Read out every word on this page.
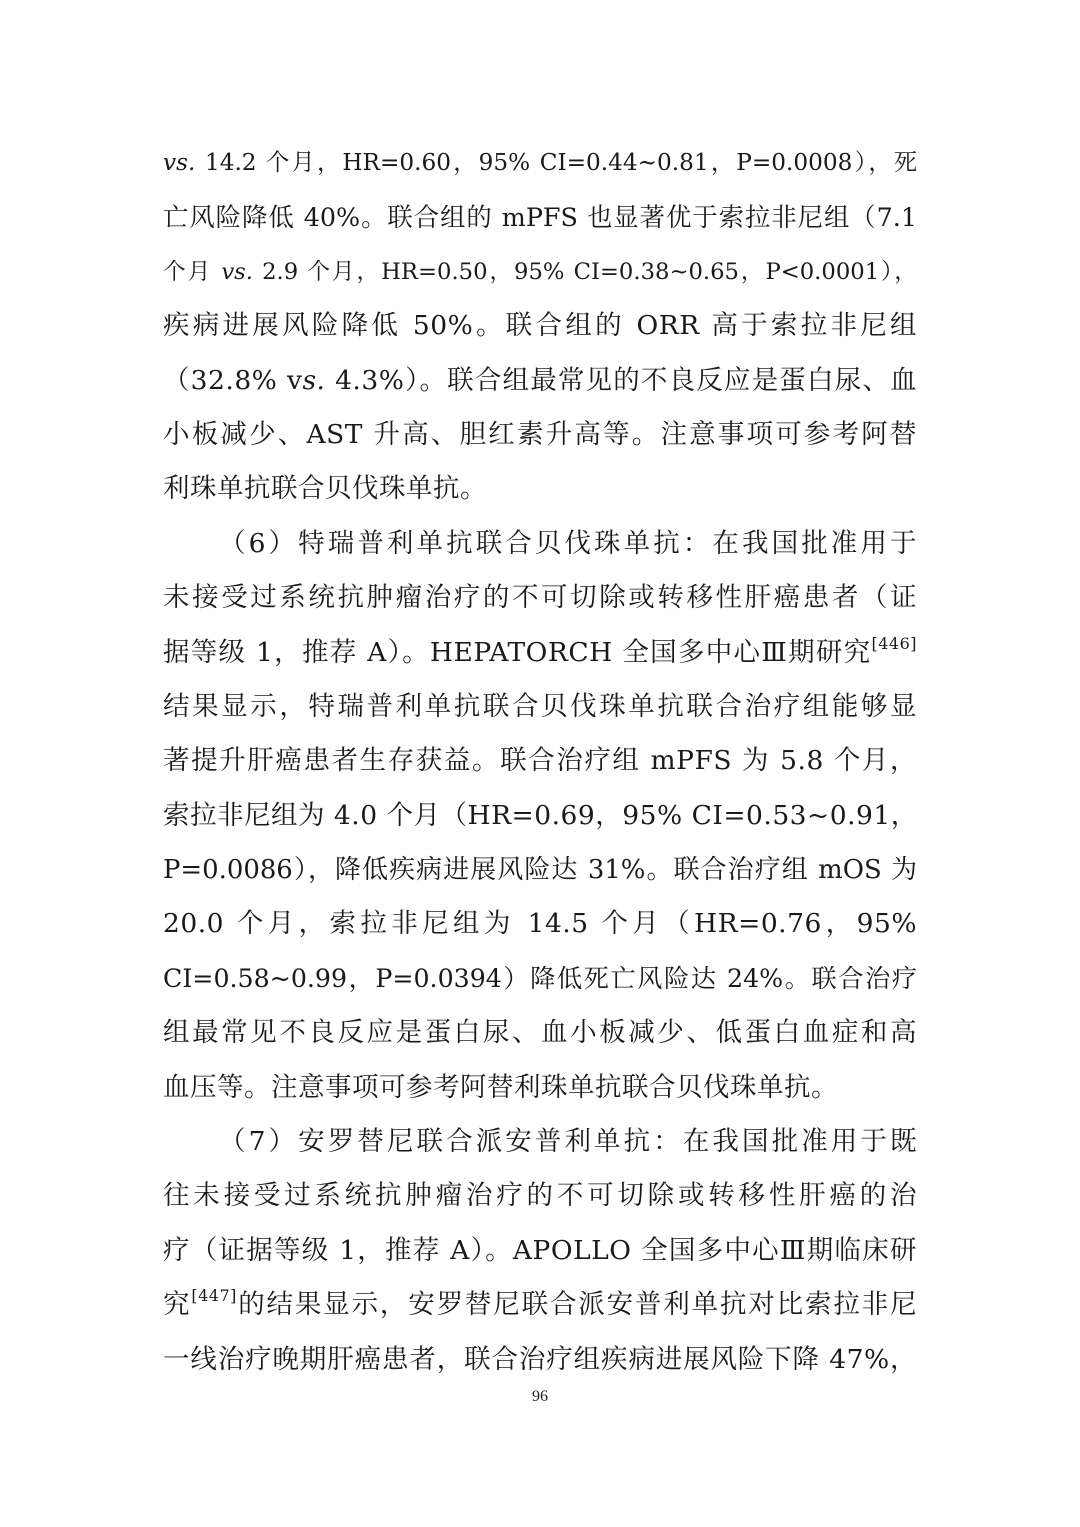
vs. 14.2 个月，HR=0.60，95% CI=0.44~0.81，P=0.0008），死
亡风险降低 40%。联合组的 mPFS 也显著优于索拉非尼组（7.1
个月 vs. 2.9 个月，HR=0.50，95% CI=0.38~0.65，P<0.0001），
疾病进展风险降低 50%。联合组的 ORR 高于索拉非尼组
（32.8% vs. 4.3%）。联合组最常见的不良反应是蛋白尿、血
小板减少、AST 升高、胆红素升高等。注意事项可参考阿替
利珠单抗联合贝伐珠单抗。
（6）特瑞普利单抗联合贝伐珠单抗：在我国批准用于
未接受过系统抗肿瘤治疗的不可切除或转移性肝癌患者（证
据等级 1，推荐 A）。HEPATORCH 全国多中心Ⅲ期研究[446]
结果显示，特瑞普利单抗联合贝伐珠单抗联合治疗组能够显
著提升肝癌患者生存获益。联合治疗组 mPFS 为 5.8 个月，
索拉非尼组为 4.0 个月（HR=0.69，95% CI=0.53~0.91，
P=0.0086），降低疾病进展风险达 31%。联合治疗组 mOS 为
20.0 个月，索拉非尼组为 14.5 个月（HR=0.76，95%
CI=0.58~0.99，P=0.0394）降低死亡风险达 24%。联合治疗
组最常见不良反应是蛋白尿、血小板减少、低蛋白血症和高
血压等。注意事项可参考阿替利珠单抗联合贝伐珠单抗。
（7）安罗替尼联合派安普利单抗：在我国批准用于既
往未接受过系统抗肿瘤治疗的不可切除或转移性肝癌的治
疗（证据等级 1，推荐 A）。APOLLO 全国多中心Ⅲ期临床研
究[447]的结果显示，安罗替尼联合派安普利单抗对比索拉非尼
一线治疗晚期肝癌患者，联合治疗组疾病进展风险下降 47%，
96
